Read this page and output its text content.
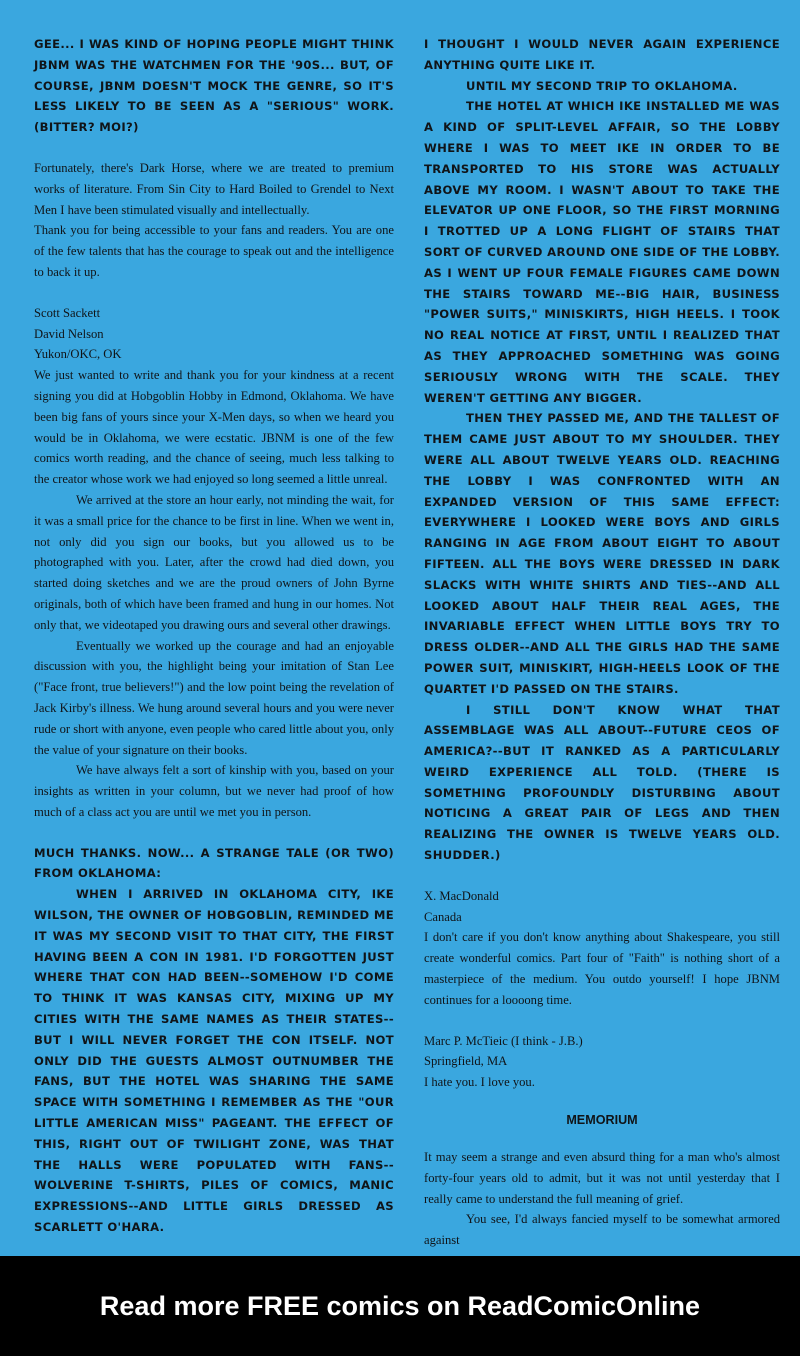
GEE... I WAS KIND OF HOPING PEOPLE MIGHT THINK JBNM WAS THE WATCHMEN FOR THE '90S... BUT, OF COURSE, JBNM DOESN'T MOCK THE GENRE, SO IT'S LESS LIKELY TO BE SEEN AS A "SERIOUS" WORK. (BITTER? MOI?)

Fortunately, there's Dark Horse, where we are treated to premium works of literature. From Sin City to Hard Boiled to Grendel to Next Men I have been stimulated visually and intellectually.

Thank you for being accessible to your fans and readers. You are one of the few talents that has the courage to speak out and the intelligence to back it up.

Scott Sackett

David Nelson

Yukon/OKC, OK

We just wanted to write and thank you for your kindness at a recent signing you did at Hobgoblin Hobby in Edmond, Oklahoma. We have been big fans of yours since your X-Men days, so when we heard you would be in Oklahoma, we were ecstatic. JBNM is one of the few comics worth reading, and the chance of seeing, much less talking to the creator whose work we had enjoyed so long seemed a little unreal.

We arrived at the store an hour early, not minding the wait, for it was a small price for the chance to be first in line. When we went in, not only did you sign our books, but you allowed us to be photographed with you. Later, after the crowd had died down, you started doing sketches and we are the proud owners of John Byrne originals, both of which have been framed and hung in our homes. Not only that, we videotaped you drawing ours and several other drawings.

Eventually we worked up the courage and had an enjoyable discussion with you, the highlight being your imitation of Stan Lee ("Face front, true believers!") and the low point being the revelation of Jack Kirby's illness. We hung around several hours and you were never rude or short with anyone, even people who cared little about you, only the value of your signature on their books.

We have always felt a sort of kinship with you, based on your insights as written in your column, but we never had proof of how much of a class act you are until we met you in person.

MUCH THANKS. NOW... A STRANGE TALE (OR TWO) FROM OKLAHOMA:

WHEN I ARRIVED IN OKLAHOMA CITY, IKE WILSON, THE OWNER OF HOBGOBLIN, REMINDED ME IT WAS MY SECOND VISIT TO THAT CITY, THE FIRST HAVING BEEN A CON IN 1981. I'D FORGOTTEN JUST WHERE THAT CON HAD BEEN--SOMEHOW I'D COME TO THINK IT WAS KANSAS CITY, MIXING UP MY CITIES WITH THE SAME NAMES AS THEIR STATES--BUT I WILL NEVER FORGET THE CON ITSELF. NOT ONLY DID THE GUESTS ALMOST OUTNUMBER THE FANS, BUT THE HOTEL WAS SHARING THE SAME SPACE WITH SOMETHING I REMEMBER AS THE "OUR LITTLE AMERICAN MISS" PAGEANT. THE EFFECT OF THIS, RIGHT OUT OF TWILIGHT ZONE, WAS THAT THE HALLS WERE POPULATED WITH FANS--WOLVERINE T-SHIRTS, PILES OF COMICS, MANIC EXPRESSIONS--AND LITTLE GIRLS DRESSED AS SCARLETT O'HARA.

I THOUGHT I WOULD NEVER AGAIN EXPERIENCE ANYTHING QUITE LIKE IT.

UNTIL MY SECOND TRIP TO OKLAHOMA.

THE HOTEL AT WHICH IKE INSTALLED ME WAS A KIND OF SPLIT-LEVEL AFFAIR, SO THE LOBBY WHERE I WAS TO MEET IKE IN ORDER TO BE TRANSPORTED TO HIS STORE WAS ACTUALLY ABOVE MY ROOM. I WASN'T ABOUT TO TAKE THE ELEVATOR UP ONE FLOOR, SO THE FIRST MORNING I TROTTED UP A LONG FLIGHT OF STAIRS THAT SORT OF CURVED AROUND ONE SIDE OF THE LOBBY. AS I WENT UP FOUR FEMALE FIGURES CAME DOWN THE STAIRS TOWARD ME--BIG HAIR, BUSINESS "POWER SUITS," MINISKIRTS, HIGH HEELS. I TOOK NO REAL NOTICE AT FIRST, UNTIL I REALIZED THAT AS THEY APPROACHED SOMETHING WAS GOING SERIOUSLY WRONG WITH THE SCALE. THEY WEREN'T GETTING ANY BIGGER.

THEN THEY PASSED ME, AND THE TALLEST OF THEM CAME JUST ABOUT TO MY SHOULDER. THEY WERE ALL ABOUT TWELVE YEARS OLD. REACHING THE LOBBY I WAS CONFRONTED WITH AN EXPANDED VERSION OF THIS SAME EFFECT: EVERYWHERE I LOOKED WERE BOYS AND GIRLS RANGING IN AGE FROM ABOUT EIGHT TO ABOUT FIFTEEN. ALL THE BOYS WERE DRESSED IN DARK SLACKS WITH WHITE SHIRTS AND TIES--AND ALL LOOKED ABOUT HALF THEIR REAL AGES, THE INVARIABLE EFFECT WHEN LITTLE BOYS TRY TO DRESS OLDER--AND ALL THE GIRLS HAD THE SAME POWER SUIT, MINISKIRT, HIGH-HEELS LOOK OF THE QUARTET I'D PASSED ON THE STAIRS.

I STILL DON'T KNOW WHAT THAT ASSEMBLAGE WAS ALL ABOUT--FUTURE CEOS OF AMERICA?--BUT IT RANKED AS A PARTICULARLY WEIRD EXPERIENCE ALL TOLD. (THERE IS SOMETHING PROFOUNDLY DISTURBING ABOUT NOTICING A GREAT PAIR OF LEGS AND THEN REALIZING THE OWNER IS TWELVE YEARS OLD. SHUDDER.)

X. MacDonald

Canada

I don't care if you don't know anything about Shakespeare, you still create wonderful comics. Part four of "Faith" is nothing short of a masterpiece of the medium. You outdo yourself! I hope JBNM continues for a loooong time.

Marc P. McTieic (I think - J.B.)

Springfield, MA

I hate you. I love you.

MEMORIUM

It may seem a strange and even absurd thing for a man who's almost forty-four years old to admit, but it was not until yesterday that I really came to understand the full meaning of grief.

You see, I'd always fancied myself to be somewhat armored against

Read more FREE comics on ReadComicOnline
